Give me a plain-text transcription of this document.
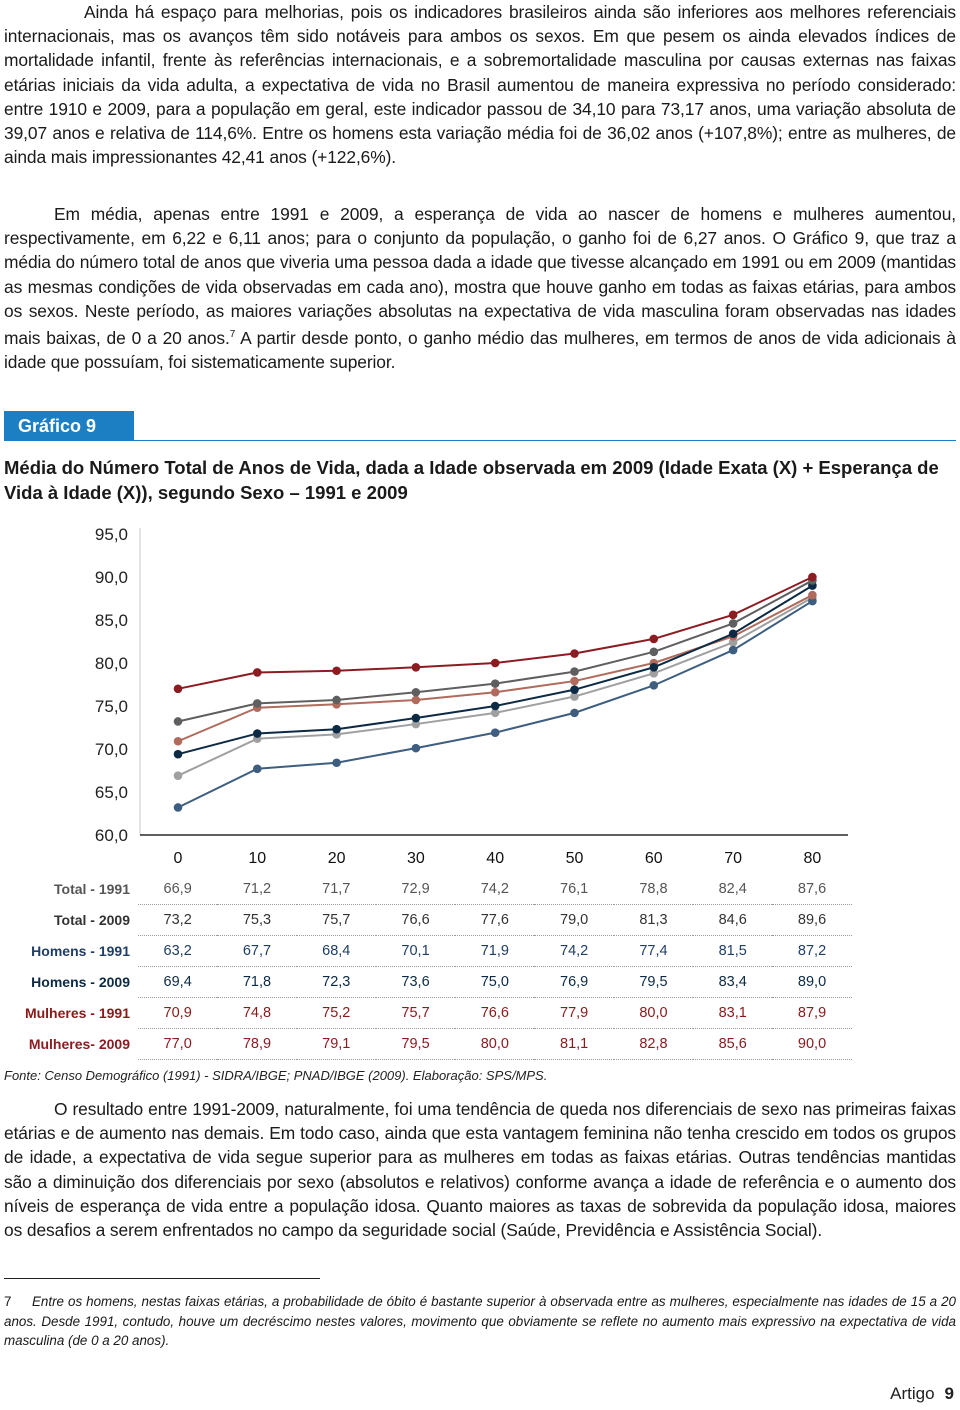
Ainda há espaço para melhorias, pois os indicadores brasileiros ainda são inferiores aos melhores referenciais internacionais, mas os avanços têm sido notáveis para ambos os sexos. Em que pesem os ainda elevados índices de mortalidade infantil, frente às referências internacionais, e a sobremortalidade masculina por causas externas nas faixas etárias iniciais da vida adulta, a expectativa de vida no Brasil aumentou de maneira expressiva no período considerado: entre 1910 e 2009, para a população em geral, este indicador passou de 34,10 para 73,17 anos, uma variação absoluta de 39,07 anos e relativa de 114,6%. Entre os homens esta variação média foi de 36,02 anos (+107,8%); entre as mulheres, de ainda mais impressionantes 42,41 anos (+122,6%).

Em média, apenas entre 1991 e 2009, a esperança de vida ao nascer de homens e mulheres aumentou, respectivamente, em 6,22 e 6,11 anos; para o conjunto da população, o ganho foi de 6,27 anos. O Gráfico 9, que traz a média do número total de anos que viveria uma pessoa dada a idade que tivesse alcançado em 1991 ou em 2009 (mantidas as mesmas condições de vida observadas em cada ano), mostra que houve ganho em todas as faixas etárias, para ambos os sexos. Neste período, as maiores variações absolutas na expectativa de vida masculina foram observadas nas idades mais baixas, de 0 a 20 anos.$^7$ A partir desde ponto, o ganho médio das mulheres, em termos de anos de vida adicionais à idade que possuíam, foi sistematicamente superior.

Gráfico 9

Média do Número Total de Anos de Vida, dada a Idade observada em 2009 (Idade Exata (X) + Esperança de Vida à Idade (X)), segundo Sexo – 1991 e 2009

95,0
90,0
85,0
80,0
75,0
70,0
65,0
60,0
0	10	20	30	40	50	60	70	80
Total - 1991	66,9	71,2	71,7	72,9	74,2	76,1	78,8	82,4	87,6
Total - 2009	73,2	75,3	75,7	76,6	77,6	79,0	81,3	84,6	89,6
Homens - 1991	63,2	67,7	68,4	70,1	71,9	74,2	77,4	81,5	87,2
Homens - 2009	69,4	71,8	72,3	73,6	75,0	76,9	79,5	83,4	89,0
Mulheres - 1991	70,9	74,8	75,2	75,7	76,6	77,9	80,0	83,1	87,9
Mulheres- 2009	77,0	78,9	79,1	79,5	80,0	81,1	82,8	85,6	90,0
Fonte: Censo Demográfico (1991) - SIDRA/IBGE; PNAD/IBGE (2009). Elaboração: SPS/MPS.

O resultado entre 1991-2009, naturalmente, foi uma tendência de queda nos diferenciais de sexo nas primeiras faixas etárias e de aumento nas demais. Em todo caso, ainda que esta vantagem feminina não tenha crescido em todos os grupos de idade, a expectativa de vida segue superior para as mulheres em todas as faixas etárias. Outras tendências mantidas são a diminuição dos diferenciais por sexo (absolutos e relativos) conforme avança a idade de referência e o aumento dos níveis de esperança de vida entre a população idosa. Quanto maiores as taxas de sobrevida da população idosa, maiores os desafios a serem enfrentados no campo da seguridade social (Saúde, Previdência e Assistência Social).

7 Entre os homens, nestas faixas etárias, a probabilidade de óbito é bastante superior à observada entre as mulheres, especialmente nas idades de 15 a 20 anos. Desde 1991, contudo, houve um decréscimo nestes valores, movimento que obviamente se reflete no aumento mais expressivo na expectativa de vida masculina (de 0 a 20 anos).

Artigo 9
